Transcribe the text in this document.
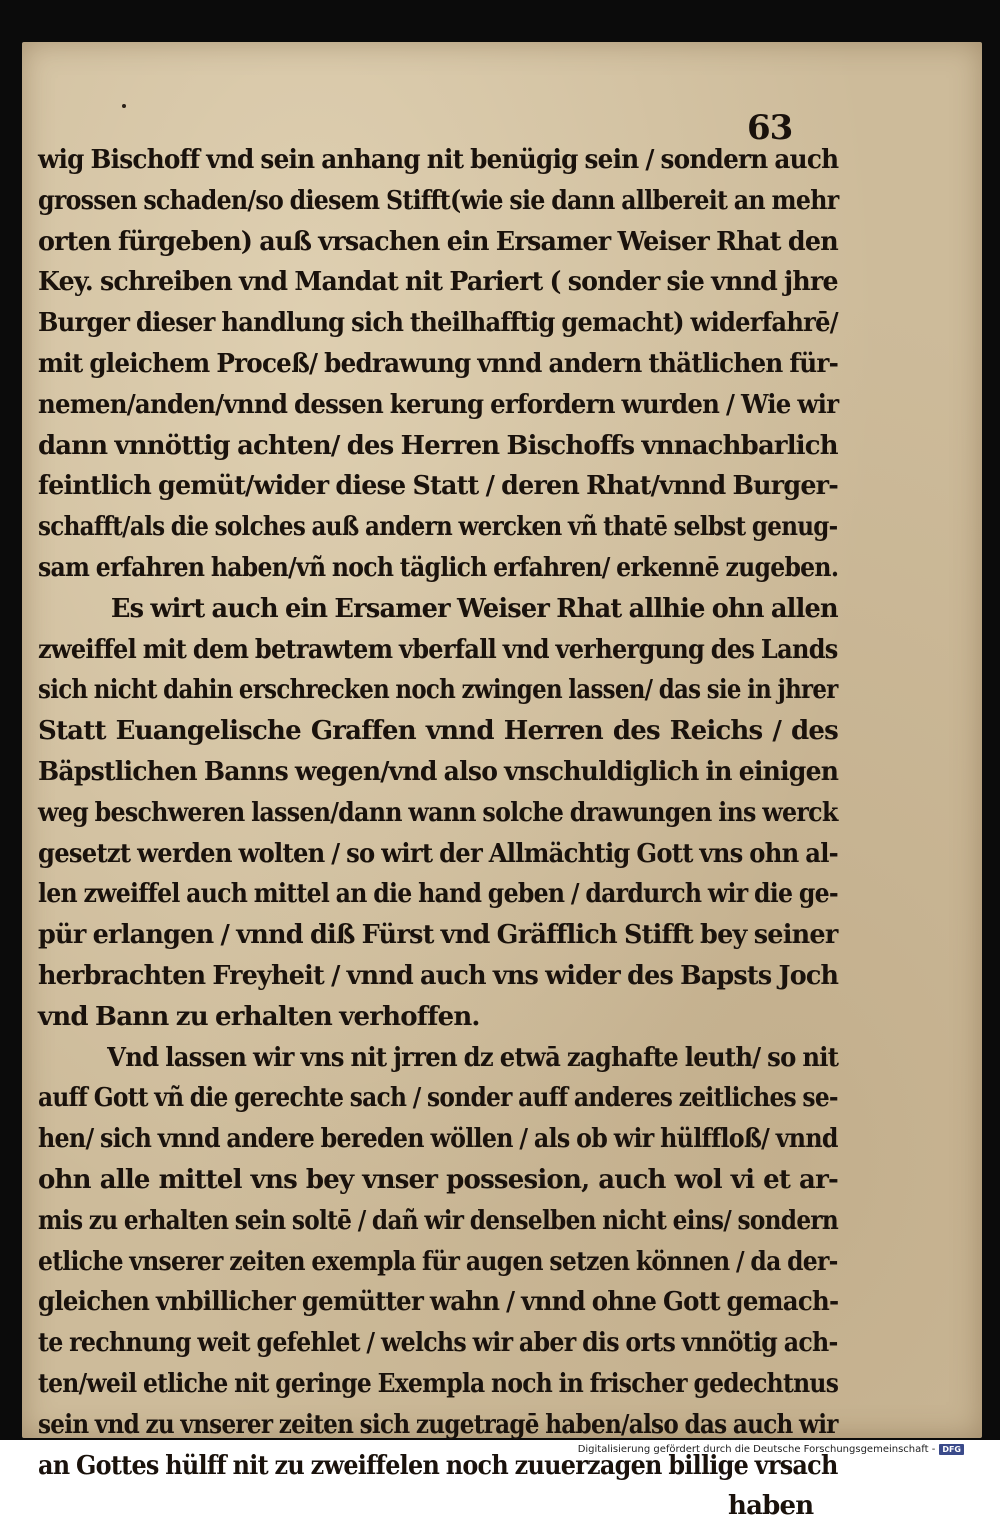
63
wig Bischoff vnd sein anhang nit benügig sein / sondern auch
grossen schaden/so diesem Stifft(wie sie dann allbereit an mehr
orten fürgeben) auß vrsachen ein Ersamer Weiser Rhat den
Key. schreiben vnd Mandat nit Pariert ( sonder sie vnnd jhre
Burger dieser handlung sich theilhafftig gemacht) widerfahrē/
mit gleichem Proceß/ bedrawung vnnd andern thätlichen für-
nemen/anden/vnnd dessen kerung erfordern wurden / Wie wir
dann vnnöttig achten/ des Herren Bischoffs vnnachbarlich
feintlich gemüt/wider diese Statt / deren Rhat/vnnd Burger-
schafft/als die solches auß andern wercken vñ thatē selbst genug-
sam erfahren haben/vñ noch täglich erfahren/ erkennē zugeben.
Es wirt auch ein Ersamer Weiser Rhat allhie ohn allen
zweiffel mit dem betrawtem vberfall vnd verhergung des Lands
sich nicht dahin erschrecken noch zwingen lassen/ das sie in jhrer
Statt Euangelische Graffen vnnd Herren des Reichs / des
Bäpstlichen Banns wegen/vnd also vnschuldiglich in einigen
weg beschweren lassen/dann wann solche drawungen ins werck
gesetzt werden wolten / so wirt der Allmächtig Gott vns ohn al-
len zweiffel auch mittel an die hand geben / dardurch wir die ge-
pür erlangen / vnnd diß Fürst vnd Gräfflich Stifft bey seiner
herbrachten Freyheit / vnnd auch vns wider des Bapsts Joch
vnd Bann zu erhalten verhoffen.
Vnd lassen wir vns nit jrren dz etwā zaghafte leuth/ so nit
auff Gott vñ die gerechte sach / sonder auff anderes zeitliches se-
hen/ sich vnnd andere bereden wöllen / als ob wir hülffloß/ vnnd
ohn alle mittel vns bey vnser possesion, auch wol vi et ar-
mis zu erhalten sein soltē / dañ wir denselben nicht eins/ sondern
etliche vnserer zeiten exempla für augen setzen können / da der-
gleichen vnbillicher gemütter wahn / vnnd ohne Gott gemach-
te rechnung weit gefehlet / welchs wir aber dis orts vnnötig ach-
ten/weil etliche nit geringe Exempla noch in frischer gedechtnus
sein vnd zu vnserer zeiten sich zugetragē haben/also das auch wir
an Gottes hülff nit zu zweiffelen noch zuuerzagen billige vrsach
haben
Digitalisierung gefördert durch die Deutsche Forschungsgemeinschaft - DFG
